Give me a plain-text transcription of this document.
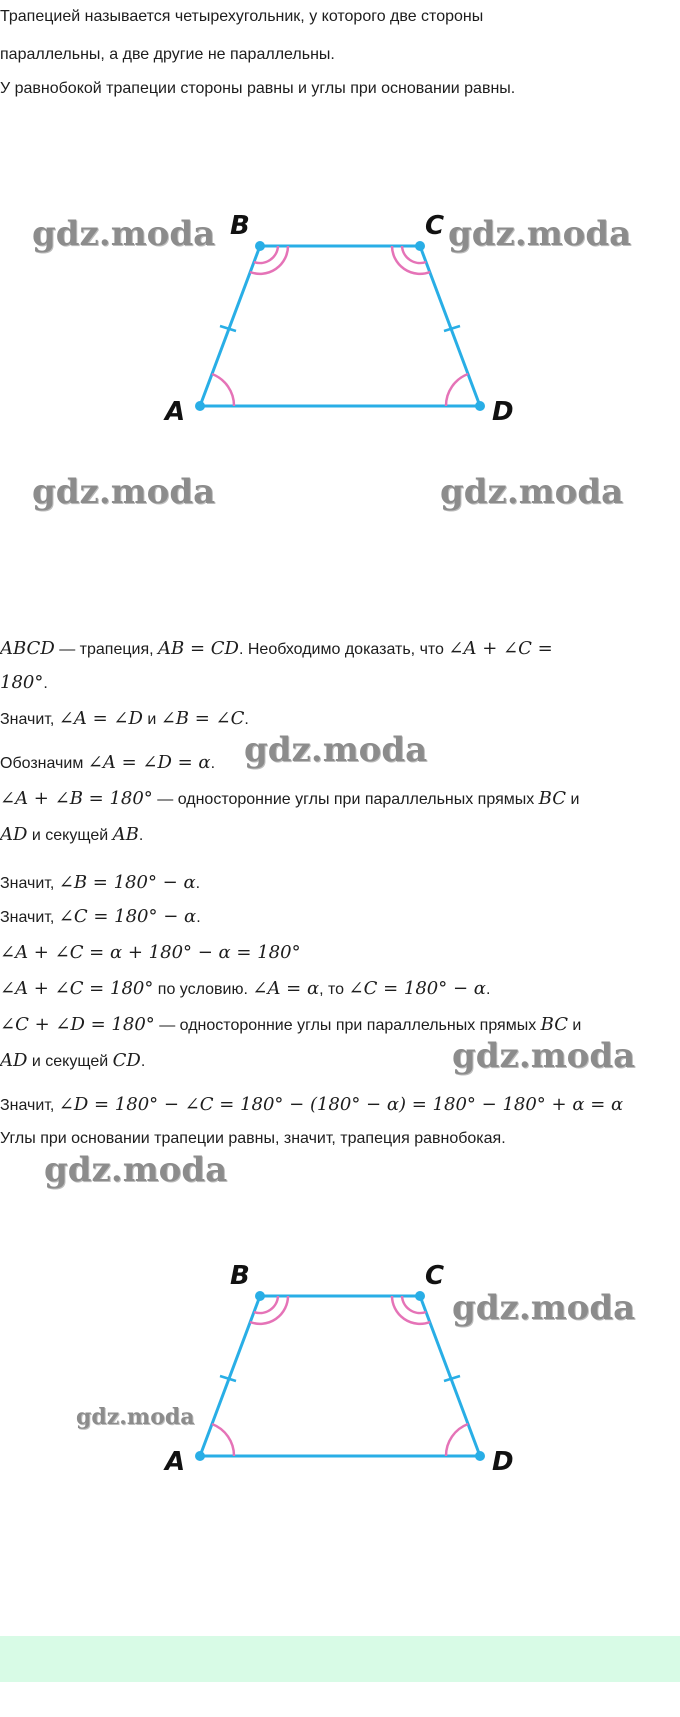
Трапецией называется четырехугольник, у которого две стороны
параллельны, а две другие не параллельны.
У равнобокой трапеции стороны равны и углы при основании равны.
gdz.moda	gdz.moda
A
B	C
D
gdz.moda	gdz.moda
ABCD — трапеция, AB = CD. Необходимо доказать, что ∠A + ∠C =
180°.
Значит, ∠A = ∠D и ∠B = ∠C.
Обозначим ∠A = ∠D = α. gdz.moda
∠A + ∠B = 180° — односторонние углы при параллельных прямых BC и
AD и секущей AB.
Значит, ∠B = 180° − α.
Значит, ∠C = 180° − α.
∠A + ∠C = α + 180° − α = 180°
∠A + ∠C = 180° по условию. ∠A = α, то ∠C = 180° − α.
∠C + ∠D = 180° — односторонние углы при параллельных прямых BC и
AD и секущей CD.	gdz.moda
Значит, ∠D = 180° − ∠C = 180° − (180° − α) = 180° − 180° + α = α
Углы при основании трапеции равны, значит, трапеция равнобокая.
gdz.moda
A
B	C
D
gdz.moda
gdz.moda
